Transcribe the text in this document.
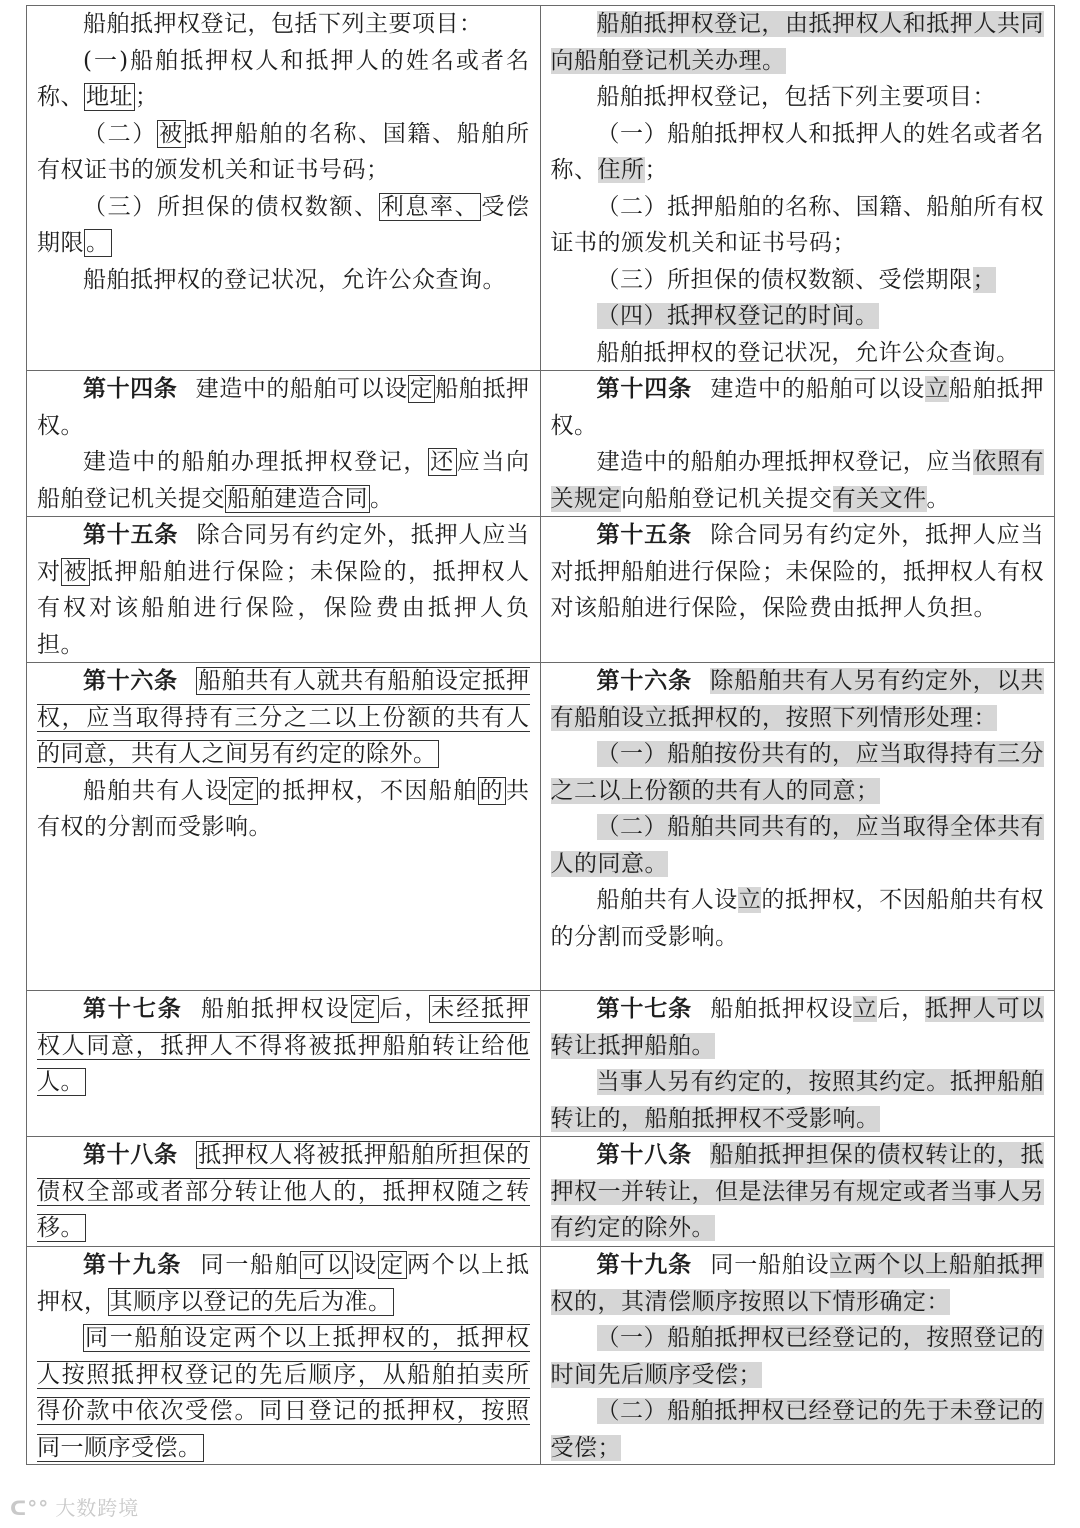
船舶抵押权登记，包括下列主要项目：

(一)船舶抵押权人和抵押人的姓名或者名称、地址；

（二）被抵押船舶的名称、国籍、船舶所有权证书的颁发机关和证书号码；

（三）所担保的债权数额、利息率、受偿期限。

船舶抵押权的登记状况，允许公众查询。

船舶抵押权登记，由抵押权人和抵押人共同向船舶登记机关办理。

船舶抵押权登记，包括下列主要项目：

（一）船舶抵押权人和抵押人的姓名或者名称、住所；

（二）抵押船舶的名称、国籍、船舶所有权证书的颁发机关和证书号码；

（三）所担保的债权数额、受偿期限；

（四）抵押权登记的时间。

船舶抵押权的登记状况，允许公众查询。

第十四条 建造中的船舶可以设定船舶抵押权。

建造中的船舶办理抵押权登记，还应当向船舶登记机关提交船舶建造合同。

第十四条 建造中的船舶可以设立船舶抵押权。

建造中的船舶办理抵押权登记，应当依照有关规定向船舶登记机关提交有关文件。

第十五条 除合同另有约定外，抵押人应当对被抵押船舶进行保险；未保险的，抵押权人有权对该船舶进行保险，保险费由抵押人负担。

第十五条 除合同另有约定外，抵押人应当对抵押船舶进行保险；未保险的，抵押权人有权对该船舶进行保险，保险费由抵押人负担。

第十六条 船舶共有人就共有船舶设定抵押权，应当取得持有三分之二以上份额的共有人的同意，共有人之间另有约定的除外。

船舶共有人设定的抵押权，不因船舶的共有权的分割而受影响。

第十六条 除船舶共有人另有约定外，以共有船舶设立抵押权的，按照下列情形处理：

（一）船舶按份共有的，应当取得持有三分之二以上份额的共有人的同意；

（二）船舶共同共有的，应当取得全体共有人的同意。

船舶共有人设立的抵押权，不因船舶共有权的分割而受影响。

第十七条 船舶抵押权设定后，未经抵押权人同意，抵押人不得将被抵押船舶转让给他人。

第十七条 船舶抵押权设立后，抵押人可以转让抵押船舶。

当事人另有约定的，按照其约定。抵押船舶转让的，船舶抵押权不受影响。

第十八条 抵押权人将被抵押船舶所担保的债权全部或者部分转让他人的，抵押权随之转移。

第十八条 船舶抵押担保的债权转让的，抵押权一并转让，但是法律另有规定或者当事人另有约定的除外。

第十九条 同一船舶可以设定两个以上抵押权，其顺序以登记的先后为准。

同一船舶设定两个以上抵押权的，抵押权人按照抵押权登记的先后顺序，从船舶拍卖所得价款中依次受偿。同日登记的抵押权，按照同一顺序受偿。

第十九条 同一船舶设立两个以上船舶抵押权的，其清偿顺序按照以下情形确定：

（一）船舶抵押权已经登记的，按照登记的时间先后顺序受偿；

（二）船舶抵押权已经登记的先于未登记的受偿；

ᑕ°° 大数跨境
